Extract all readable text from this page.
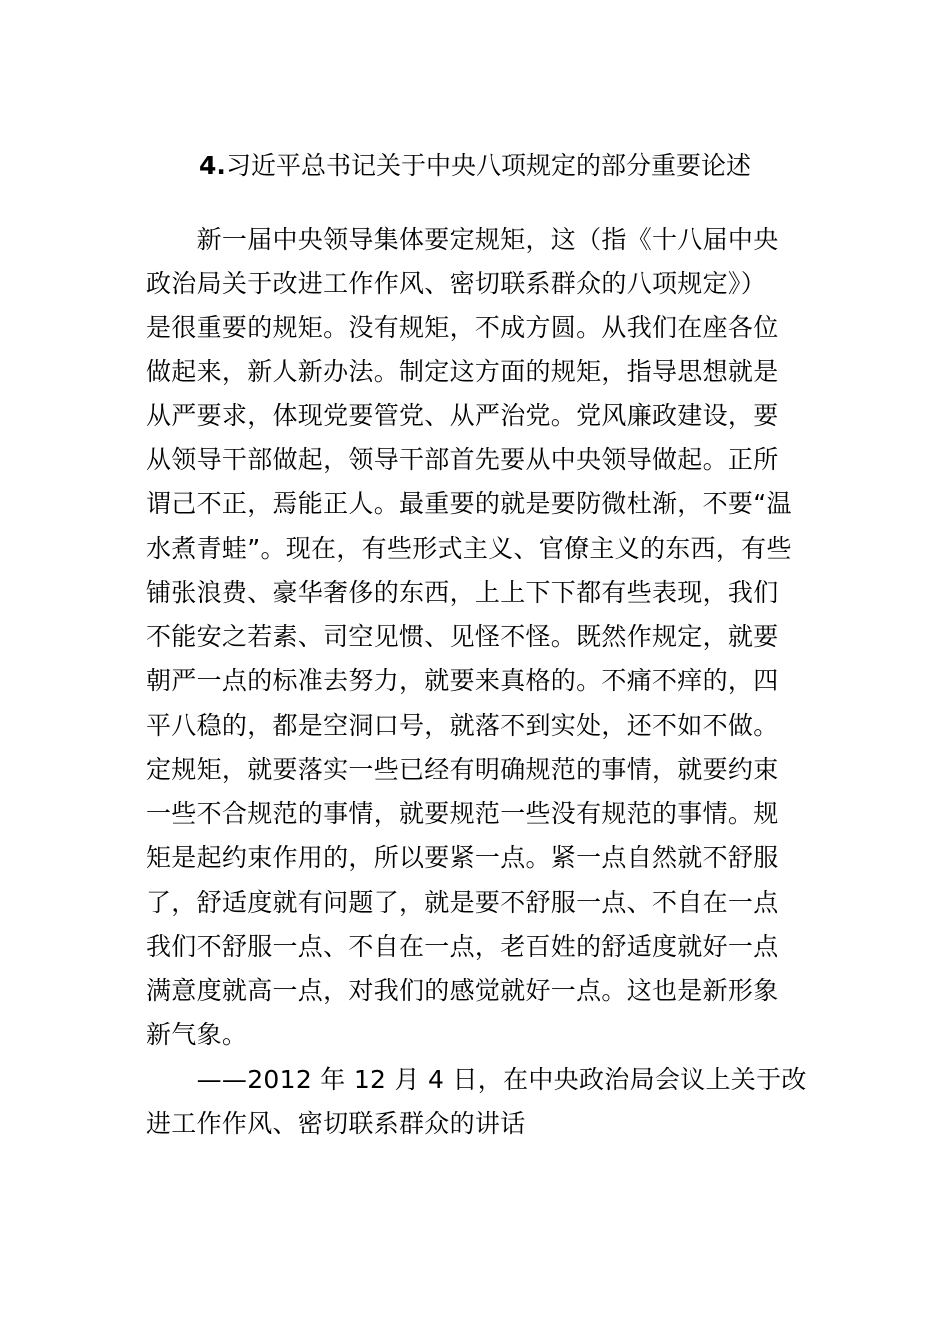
4.习近平总书记关于中央八项规定的部分重要论述
　　新一届中央领导集体要定规矩，这（指《十八届中央
政治局关于改进工作作风、密切联系群众的八项规定》）
是很重要的规矩。没有规矩，不成方圆。从我们在座各位
做起来，新人新办法。制定这方面的规矩，指导思想就是
从严要求，体现党要管党、从严治党。党风廉政建设，要
从领导干部做起，领导干部首先要从中央领导做起。正所
谓己不正，焉能正人。最重要的就是要防微杜渐，不要“温
水煮青蛙”。现在，有些形式主义、官僚主义的东西，有些
铺张浪费、豪华奢侈的东西，上上下下都有些表现，我们
不能安之若素、司空见惯、见怪不怪。既然作规定，就要
朝严一点的标准去努力，就要来真格的。不痛不痒的，四
平八稳的，都是空洞口号，就落不到实处，还不如不做。
定规矩，就要落实一些已经有明确规范的事情，就要约束
一些不合规范的事情，就要规范一些没有规范的事情。规
矩是起约束作用的，所以要紧一点。紧一点自然就不舒服
了，舒适度就有问题了，就是要不舒服一点、不自在一点
我们不舒服一点、不自在一点，老百姓的舒适度就好一点
满意度就高一点，对我们的感觉就好一点。这也是新形象
新气象。
　　——2012 年 12 月 4 日，在中央政治局会议上关于改
进工作作风、密切联系群众的讲话
